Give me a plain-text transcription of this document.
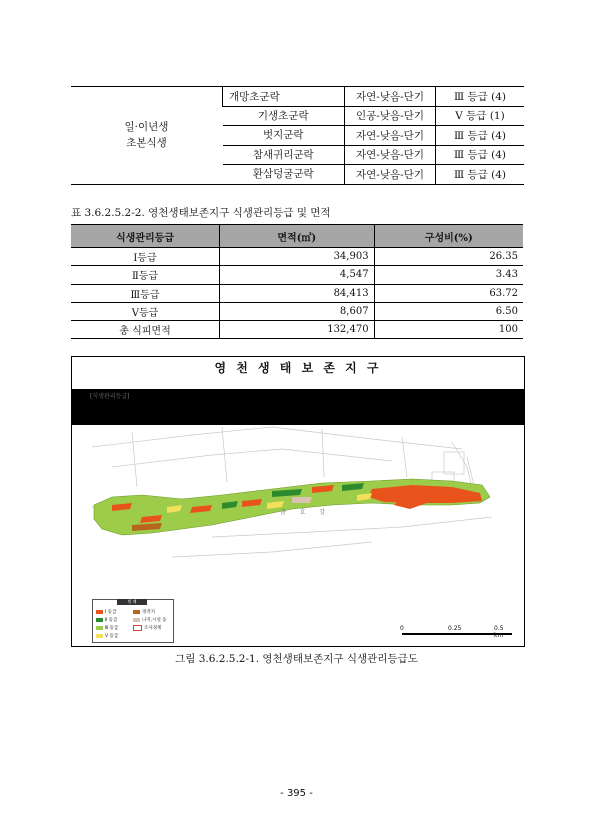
일·이년생
초본식생	개망초군락	자연-낮음-단기	Ⅲ 등급 (4)
	기생초군락	인공-낮음-단기	Ⅴ 등급 (1)
	벗지군락	자연-낮음-단기	Ⅲ 등급 (4)
	참새귀리군락	자연-낮음-단기	Ⅲ 등급 (4)
	환삼덩굴군락	자연-낮음-단기	Ⅲ 등급 (4)
표 3.6.2.5.2-2. 영천생태보존지구 식생관리등급 및 면적
식생관리등급	면적(㎡)	구성비(%)
Ⅰ등급	34,903	26.35
Ⅱ등급	4,547	3.43
Ⅲ등급	84,413	63.72
Ⅴ등급	8,607	6.50
총 식피면적	132,470	100
영 천 생 태 보 존 지 구
[식생관리등급]
금 호 강
범 례
Ⅰ 등급
Ⅱ 등급
Ⅲ 등급
Ⅴ 등급
경작지
나지,시설 등
조사경계	0	0.25	0.5 km
그림 3.6.2.5.2-1. 영천생태보존지구 식생관리등급도
- 395 -
